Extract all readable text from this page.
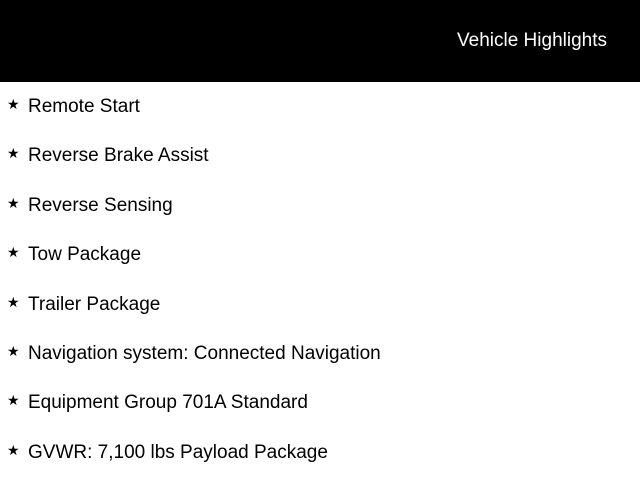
Vehicle Highlights
★ Remote Start
★ Reverse Brake Assist
★ Reverse Sensing
★ Tow Package
★ Trailer Package
★ Navigation system: Connected Navigation
★ Equipment Group 701A Standard
★ GVWR: 7,100 lbs Payload Package
